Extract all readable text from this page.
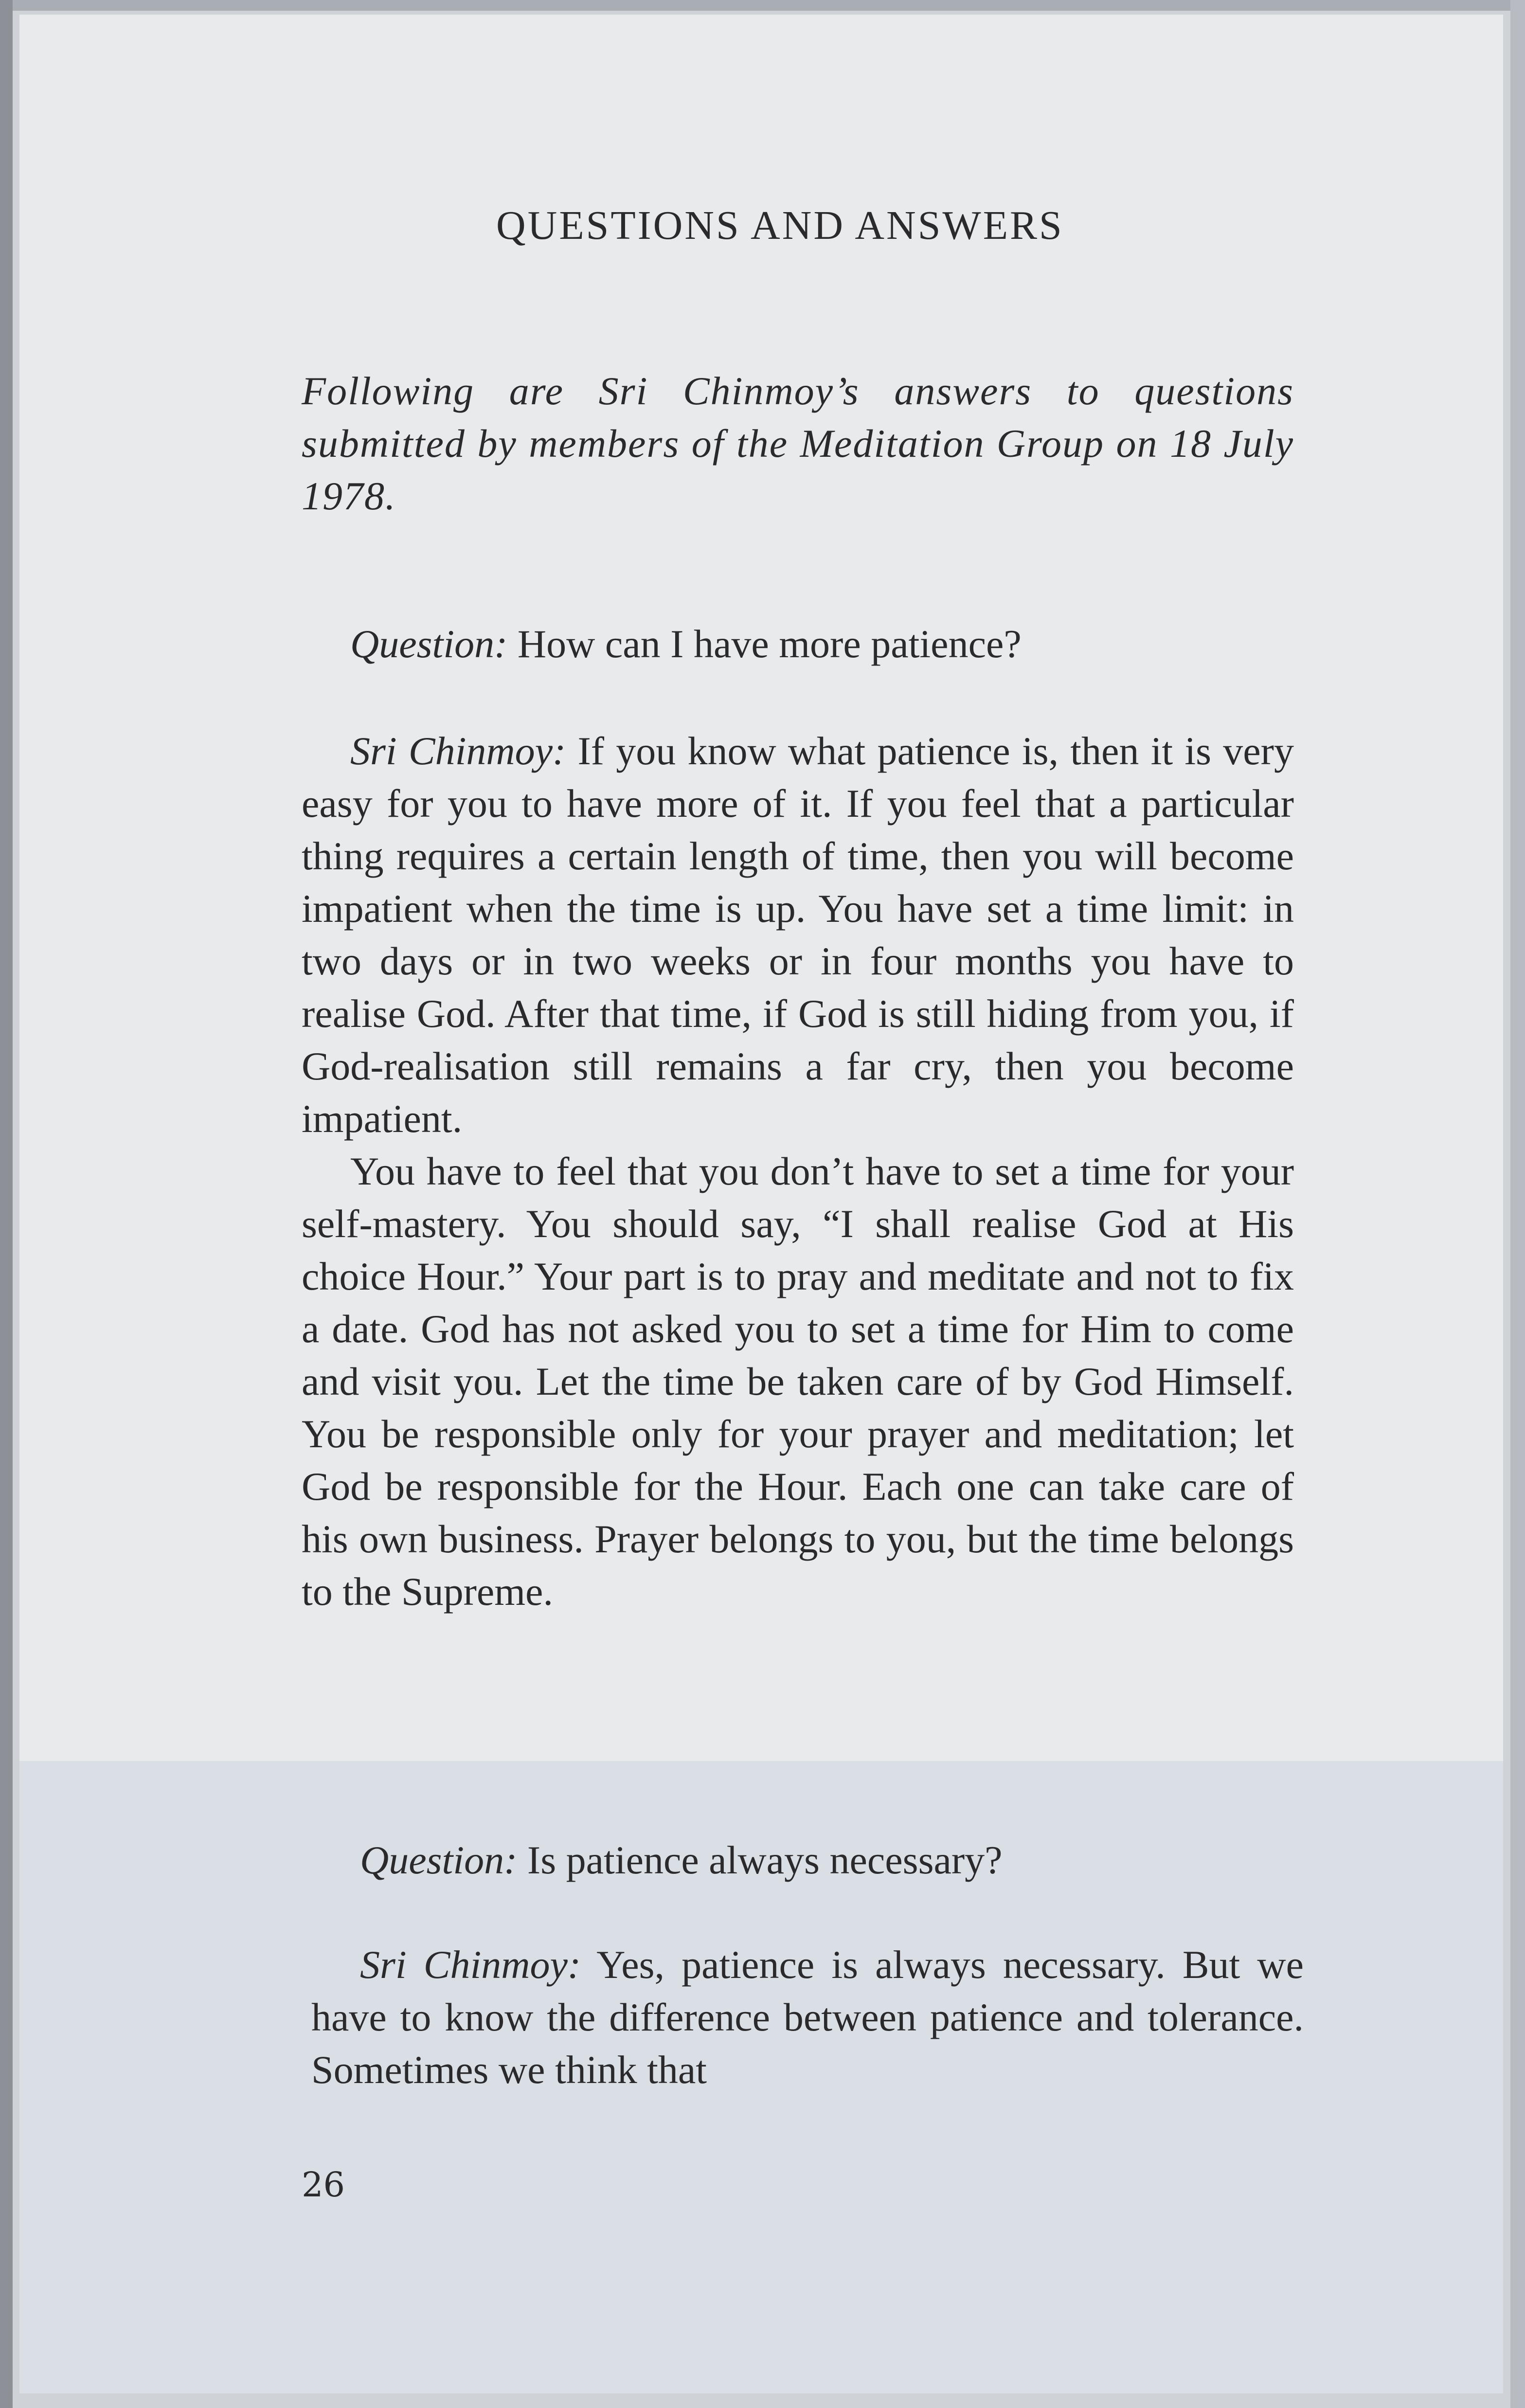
QUESTIONS AND ANSWERS

Following are Sri Chinmoy’s answers to questions submitted by members of the Meditation Group on 18 July 1978.

Question: How can I have more patience?

Sri Chinmoy: If you know what patience is, then it is very easy for you to have more of it. If you feel that a particular thing requires a certain length of time, then you will become impatient when the time is up. You have set a time limit: in two days or in two weeks or in four months you have to realise God. After that time, if God is still hiding from you, if God-realisation still remains a far cry, then you become impatient.

You have to feel that you don’t have to set a time for your self-mastery. You should say, “I shall realise God at His choice Hour.” Your part is to pray and meditate and not to fix a date. God has not asked you to set a time for Him to come and visit you. Let the time be taken care of by God Himself. You be responsible only for your prayer and meditation; let God be responsible for the Hour. Each one can take care of his own business. Prayer belongs to you, but the time belongs to the Supreme.

Question: Is patience always necessary?

Sri Chinmoy: Yes, patience is always necessary. But we have to know the difference between patience and tolerance. Sometimes we think that

26
